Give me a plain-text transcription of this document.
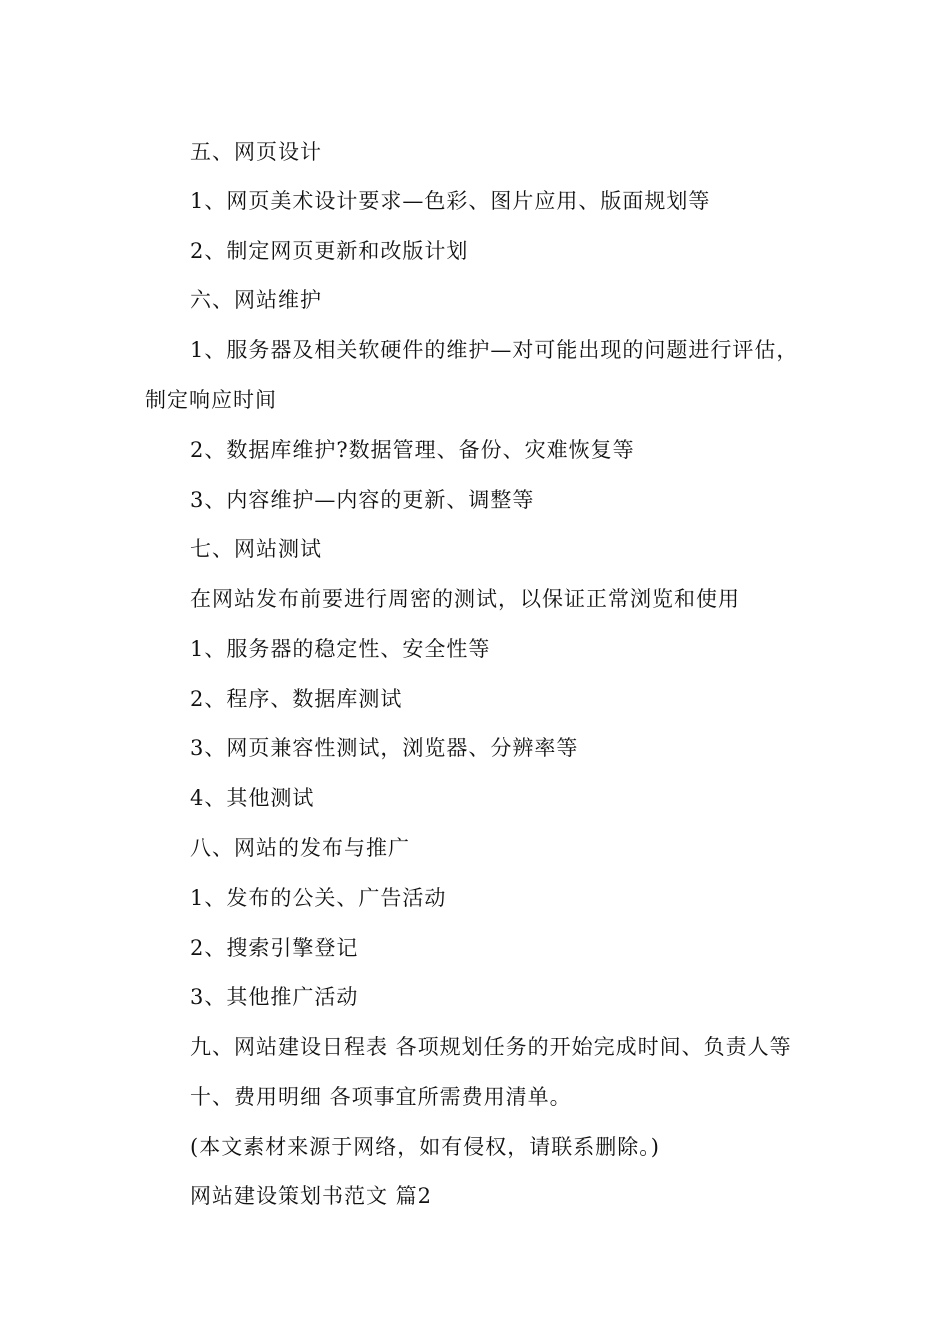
五、网页设计
1、网页美术设计要求—色彩、图片应用、版面规划等
2、制定网页更新和改版计划
六、网站维护
1、服务器及相关软硬件的维护—对可能出现的问题进行评估，
制定响应时间
2、数据库维护?数据管理、备份、灾难恢复等
3、内容维护—内容的更新、调整等
七、网站测试
在网站发布前要进行周密的测试，以保证正常浏览和使用
1、服务器的稳定性、安全性等
2、程序、数据库测试
3、网页兼容性测试，浏览器、分辨率等
4、其他测试
八、网站的发布与推广
1、发布的公关、广告活动
2、搜索引擎登记
3、其他推广活动
九、网站建设日程表 各项规划任务的开始完成时间、负责人等
十、费用明细 各项事宜所需费用清单。
(本文素材来源于网络，如有侵权，请联系删除。)
网站建设策划书范文 篇2
